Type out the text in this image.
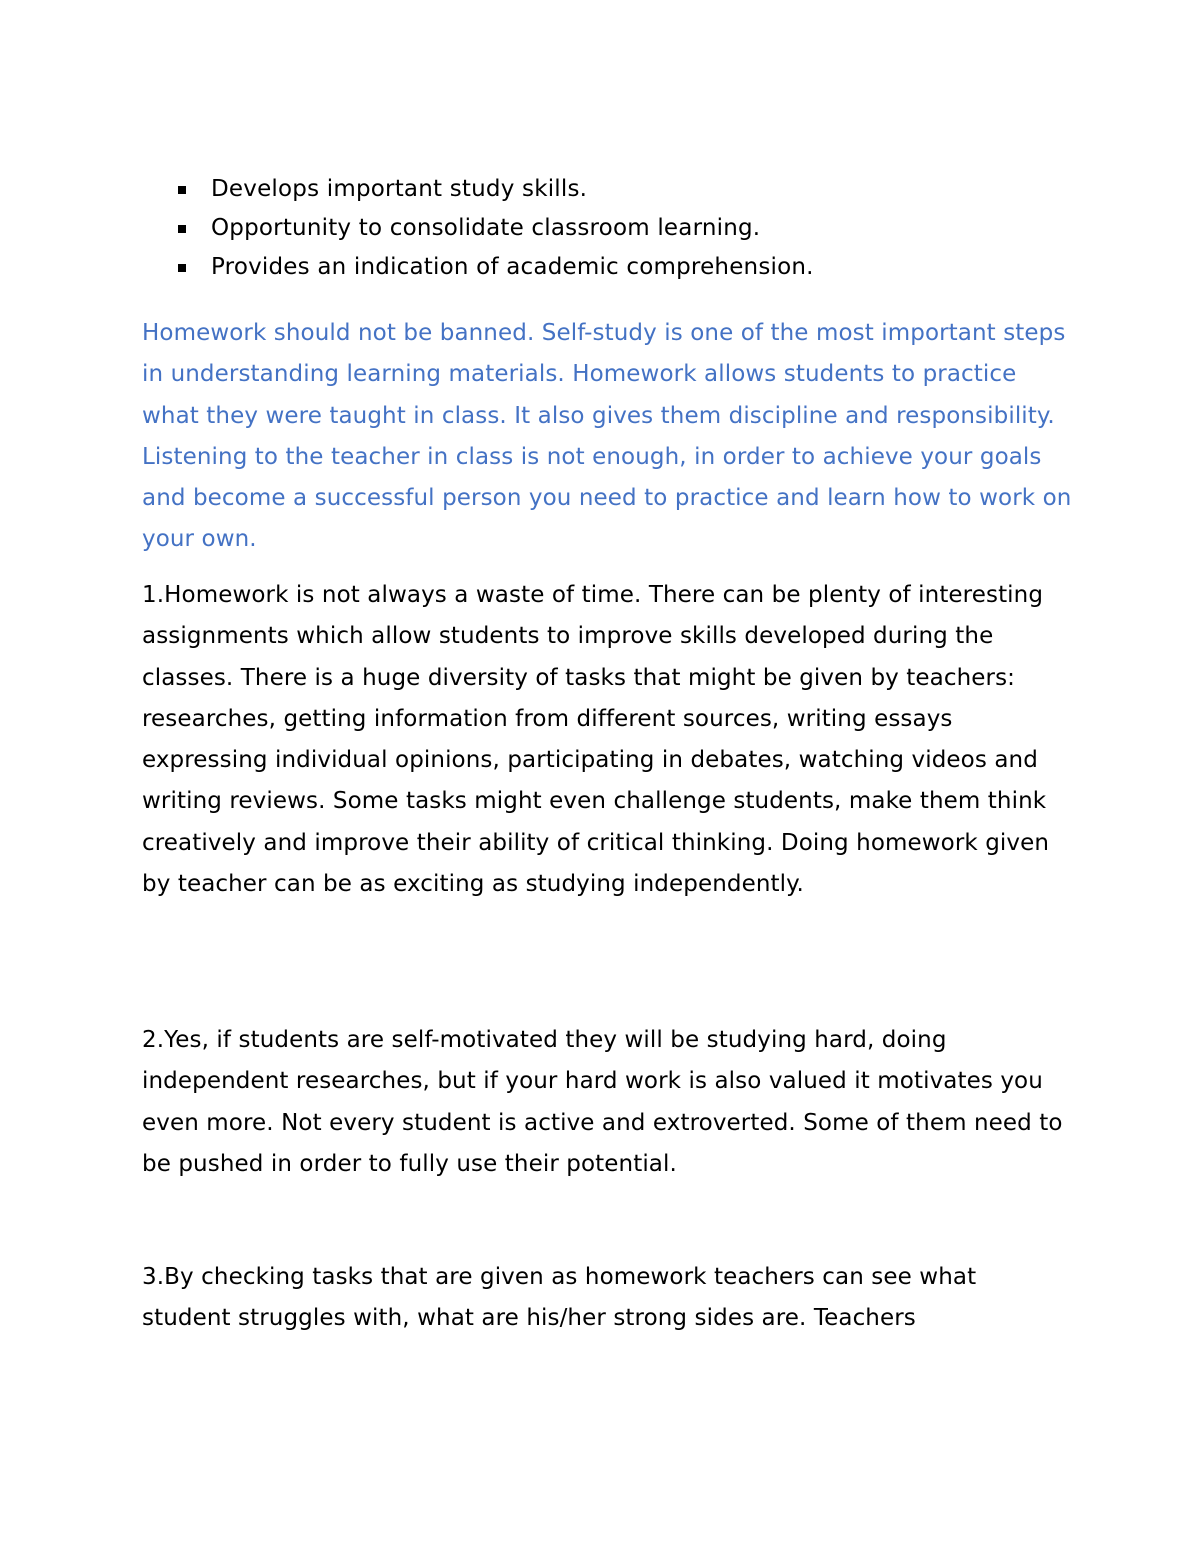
Develops important study skills.
Opportunity to consolidate classroom learning.
Provides an indication of academic comprehension.

Homework should not be banned. Self-study is one of the most important steps in understanding learning materials. Homework allows students to practice what they were taught in class. It also gives them discipline and responsibility. Listening to the teacher in class is not enough, in order to achieve your goals and become a successful person you need to practice and learn how to work on your own.

1.Homework is not always a waste of time. There can be plenty of interesting assignments which allow students to improve skills developed during the classes. There is a huge diversity of tasks that might be given by teachers: researches, getting information from different sources, writing essays expressing individual opinions, participating in debates, watching videos and writing reviews. Some tasks might even challenge students, make them think creatively and improve their ability of critical thinking. Doing homework given by teacher can be as exciting as studying independently.

2.Yes, if students are self-motivated they will be studying hard, doing independent researches, but if your hard work is also valued it motivates you even more. Not every student is active and extroverted. Some of them need to be pushed in order to fully use their potential.

3.By checking tasks that are given as homework teachers can see what student struggles with, what are his/her strong sides are. Teachers
